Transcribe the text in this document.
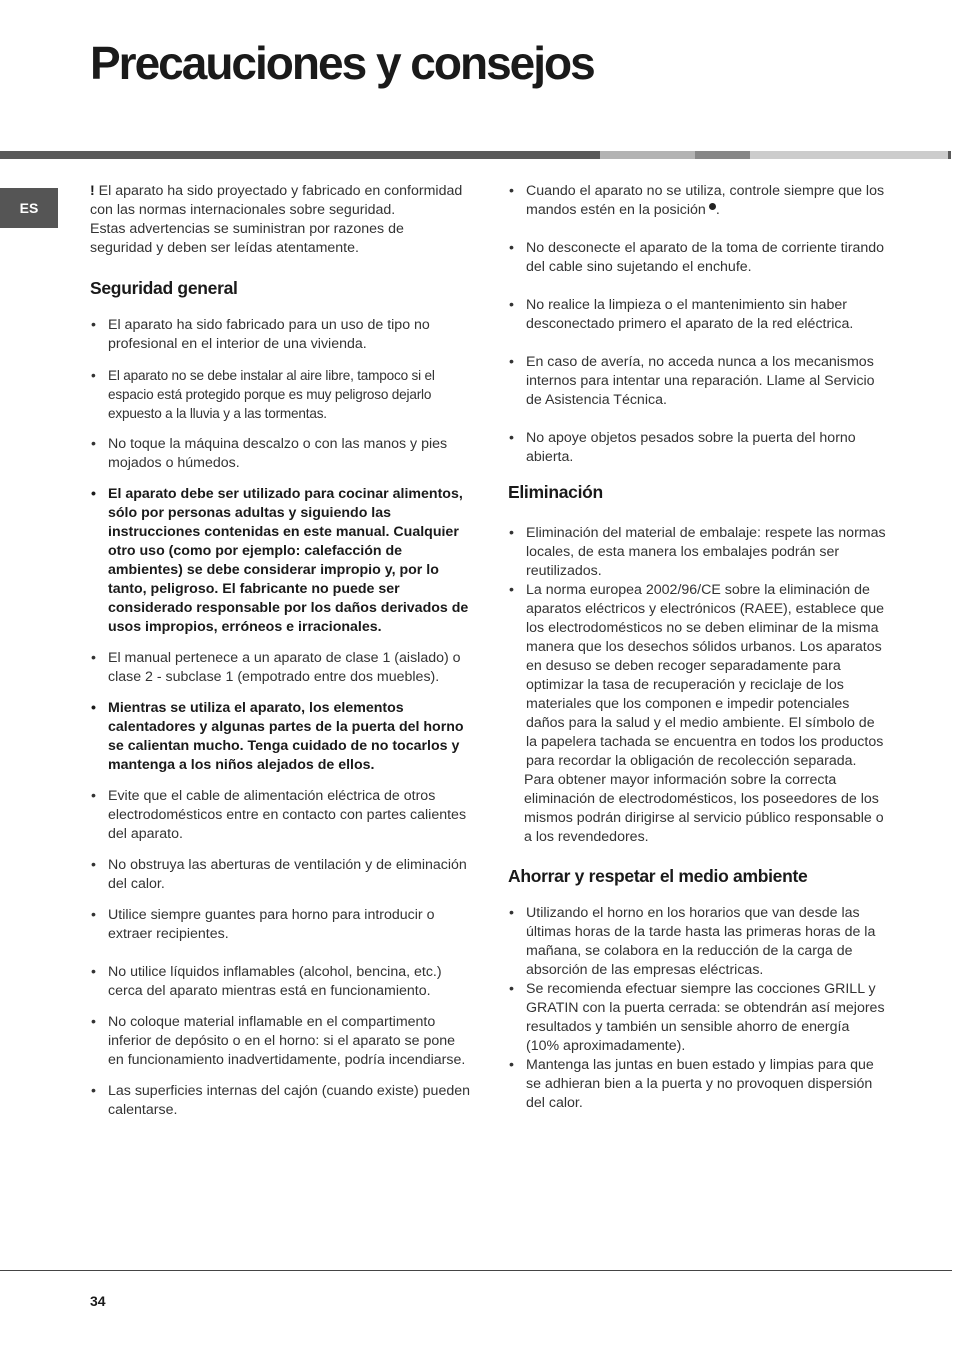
Precauciones y consejos
ES

! El aparato ha sido proyectado y fabricado en conformidad con las normas internacionales sobre seguridad.

Estas advertencias se suministran por razones de seguridad y deben ser leídas atentamente.

Seguridad general
• El aparato ha sido fabricado para un uso de tipo no profesional en el interior de una vivienda.
• El aparato no se debe instalar al aire libre, tampoco si el espacio está protegido porque es muy peligroso dejarlo expuesto a la lluvia y a las tormentas.
• No toque la máquina descalzo o con las manos y pies mojados o húmedos.
• El aparato debe ser utilizado para cocinar alimentos, sólo por personas adultas y siguiendo las instrucciones contenidas en este manual. Cualquier otro uso (como por ejemplo: calefacción de ambientes) se debe considerar impropio y, por lo tanto, peligroso. El fabricante no puede ser considerado responsable por los daños derivados de usos impropios, erróneos e irracionales.
• El manual pertenece a un aparato de clase 1 (aislado) o clase 2 - subclase 1 (empotrado entre dos muebles).
• Mientras se utiliza el aparato, los elementos calentadores y algunas partes de la puerta del horno se calientan mucho. Tenga cuidado de no tocarlos y mantenga a los niños alejados de ellos.
• Evite que el cable de alimentación eléctrica de otros electrodomésticos entre en contacto con partes calientes del aparato.
• No obstruya las aberturas de ventilación y de eliminación del calor.
• Utilice siempre guantes para horno para introducir o extraer recipientes.
• No utilice líquidos inflamables (alcohol, bencina, etc.) cerca del aparato mientras está en funcionamiento.
• No coloque material inflamable en el compartimento inferior de depósito o en el horno: si el aparato se pone en funcionamiento inadvertidamente, podría incendiarse.
• Las superficies internas del cajón (cuando existe) pueden calentarse.
• Cuando el aparato no se utiliza, controle siempre que los mandos estén en la posición .
• No desconecte el aparato de la toma de corriente tirando del cable sino sujetando el enchufe.
• No realice la limpieza o el mantenimiento sin haber desconectado primero el aparato de la red eléctrica.
• En caso de avería, no acceda nunca a los mecanismos internos para intentar una reparación. Llame al Servicio de Asistencia Técnica.
• No apoye objetos pesados sobre la puerta del horno abierta.
Eliminación
• Eliminación del material de embalaje: respete las normas locales, de esta manera los embalajes podrán ser reutilizados.
• La norma europea 2002/96/CE sobre la eliminación de aparatos eléctricos y electrónicos (RAEE), establece que los electrodomésticos no se deben eliminar de la misma manera que los desechos sólidos urbanos. Los aparatos en desuso se deben recoger separadamente para optimizar la tasa de recuperación y reciclaje de los materiales que los componen e impedir potenciales daños para la salud y el medio ambiente. El símbolo de la papelera tachada se encuentra en todos los productos para recordar la obligación de recolección separada.

Para obtener mayor información sobre la correcta eliminación de electrodomésticos, los poseedores de los mismos podrán dirigirse al servicio público responsable o a los revendedores.

Ahorrar y respetar el medio ambiente
• Utilizando el horno en los horarios que van desde las últimas horas de la tarde hasta las primeras horas de la mañana, se colabora en la reducción de la carga de absorción de las empresas eléctricas.
• Se recomienda efectuar siempre las cocciones GRILL y GRATIN con la puerta cerrada: se obtendrán así mejores resultados y también un sensible ahorro de energía (10% aproximadamente).
• Mantenga las juntas en buen estado y limpias para que se adhieran bien a la puerta y no provoquen dispersión del calor.
34
